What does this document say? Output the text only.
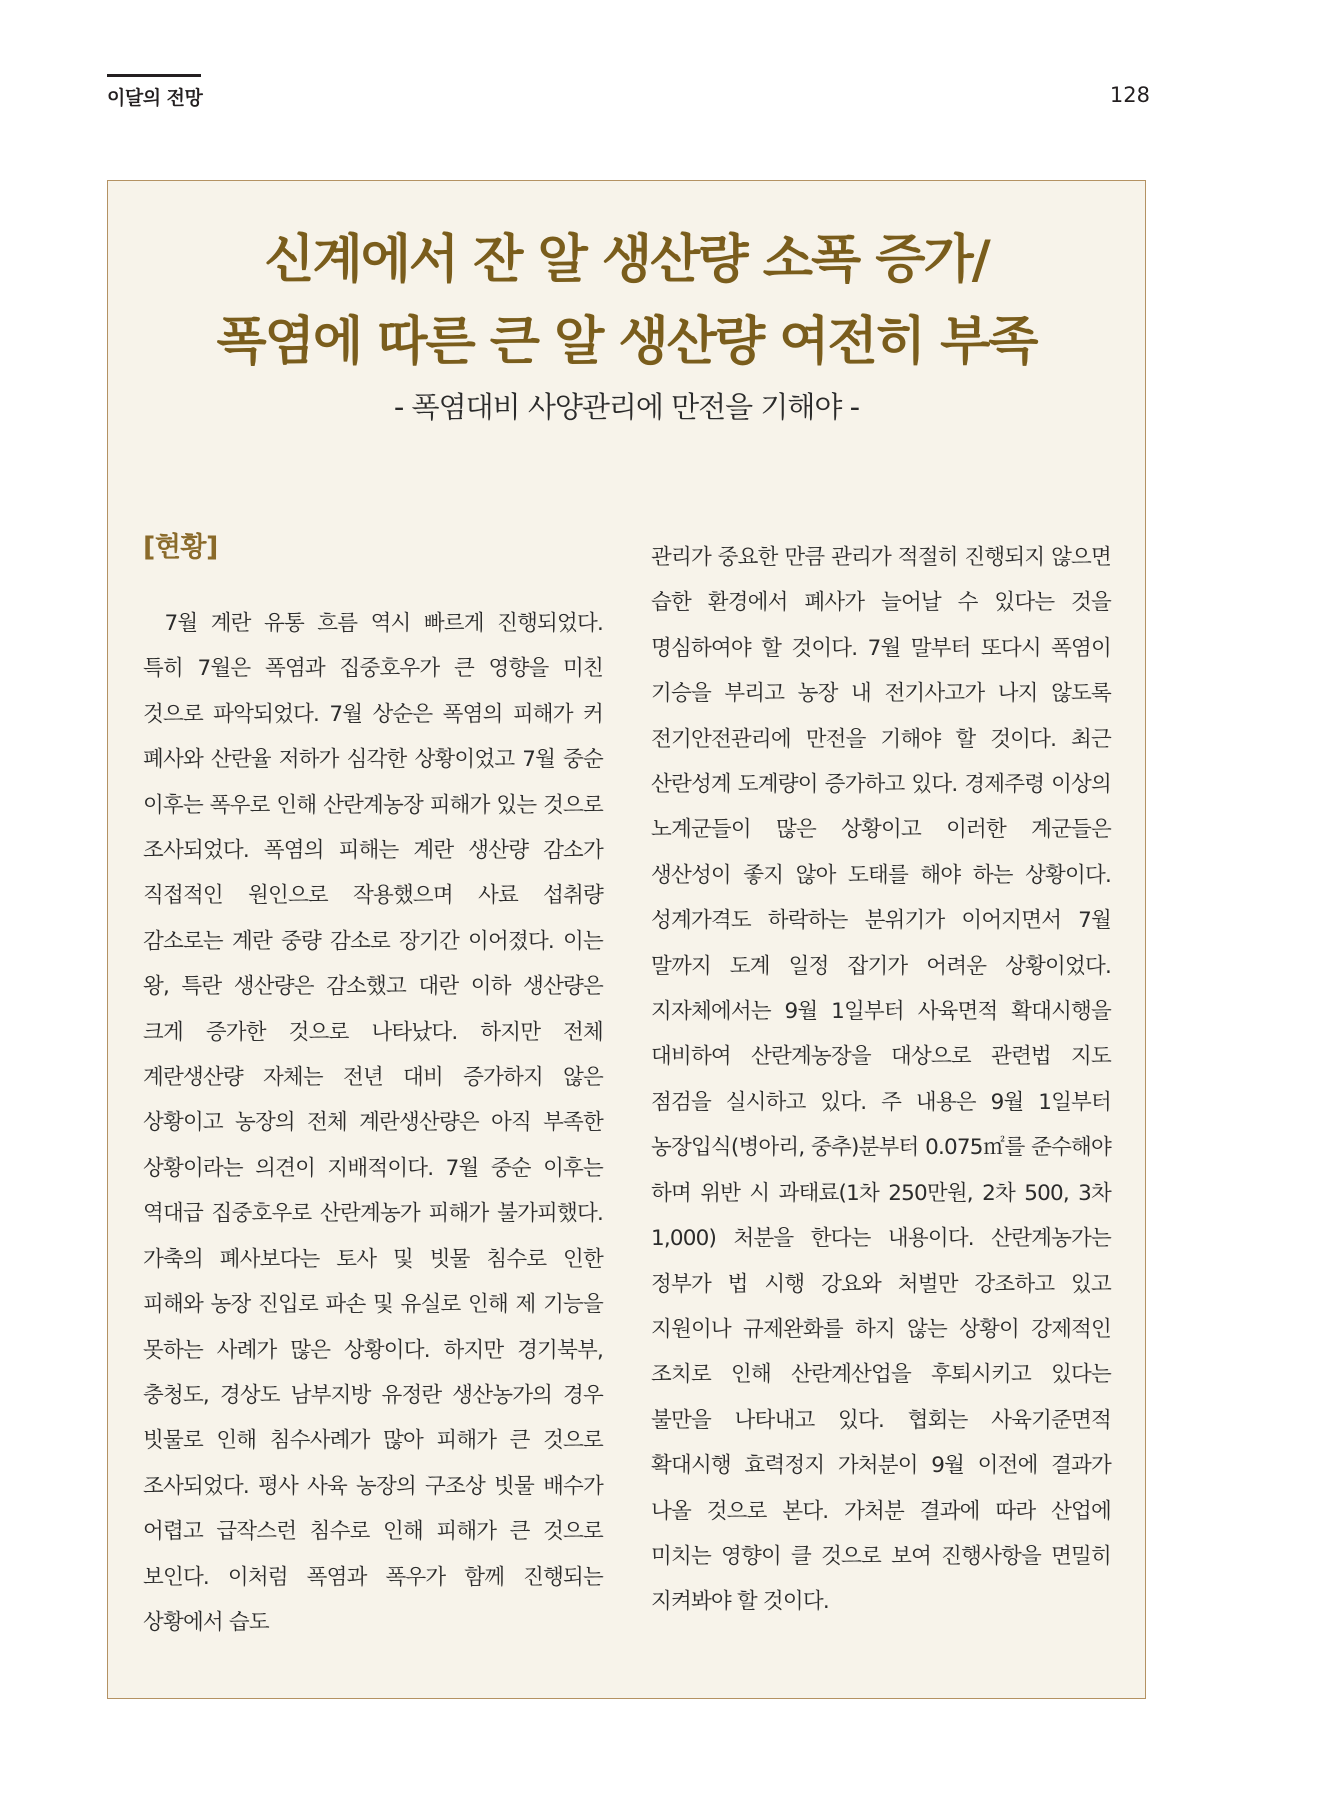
이달의 전망	128
신계에서 잔 알 생산량 소폭 증가/
폭염에 따른 큰 알 생산량 여전히 부족
- 폭염대비 사양관리에 만전을 기해야 -
[현황]

7월 계란 유통 흐름 역시 빠르게 진행되었다. 특히 7월은 폭염과 집중호우가 큰 영향을 미친 것으로 파악되었다. 7월 상순은 폭염의 피해가 커 폐사와 산란율 저하가 심각한 상황이었고 7월 중순 이후는 폭우로 인해 산란계농장 피해가 있는 것으로 조사되었다. 폭염의 피해는 계란 생산량 감소가 직접적인 원인으로 작용했으며 사료 섭취량 감소로는 계란 중량 감소로 장기간 이어졌다. 이는 왕, 특란 생산량은 감소했고 대란 이하 생산량은 크게 증가한 것으로 나타났다. 하지만 전체 계란생산량 자체는 전년 대비 증가하지 않은 상황이고 농장의 전체 계란생산량은 아직 부족한 상황이라는 의견이 지배적이다. 7월 중순 이후는 역대급 집중호우로 산란계농가 피해가 불가피했다. 가축의 폐사보다는 토사 및 빗물 침수로 인한 피해와 농장 진입로 파손 및 유실로 인해 제 기능을 못하는 사례가 많은 상황이다. 하지만 경기북부, 충청도, 경상도 남부지방 유정란 생산농가의 경우 빗물로 인해 침수사례가 많아 피해가 큰 것으로 조사되었다. 평사 사육 농장의 구조상 빗물 배수가 어렵고 급작스런 침수로 인해 피해가 큰 것으로 보인다. 이처럼 폭염과 폭우가 함께 진행되는 상황에서 습도

관리가 중요한 만큼 관리가 적절히 진행되지 않으면 습한 환경에서 폐사가 늘어날 수 있다는 것을 명심하여야 할 것이다. 7월 말부터 또다시 폭염이 기승을 부리고 농장 내 전기사고가 나지 않도록 전기안전관리에 만전을 기해야 할 것이다. 최근 산란성계 도계량이 증가하고 있다. 경제주령 이상의 노계군들이 많은 상황이고 이러한 계군들은 생산성이 좋지 않아 도태를 해야 하는 상황이다. 성계가격도 하락하는 분위기가 이어지면서 7월 말까지 도계 일정 잡기가 어려운 상황이었다. 지자체에서는 9월 1일부터 사육면적 확대시행을 대비하여 산란계농장을 대상으로 관련법 지도 점검을 실시하고 있다. 주 내용은 9월 1일부터 농장입식(병아리, 중추)분부터 0.075㎡를 준수해야 하며 위반 시 과태료(1차 250만원, 2차 500, 3차 1,000) 처분을 한다는 내용이다. 산란계농가는 정부가 법 시행 강요와 처벌만 강조하고 있고 지원이나 규제완화를 하지 않는 상황이 강제적인 조치로 인해 산란계산업을 후퇴시키고 있다는 불만을 나타내고 있다. 협회는 사육기준면적 확대시행 효력정지 가처분이 9월 이전에 결과가 나올 것으로 본다. 가처분 결과에 따라 산업에 미치는 영향이 클 것으로 보여 진행사항을 면밀히 지켜봐야 할 것이다.
